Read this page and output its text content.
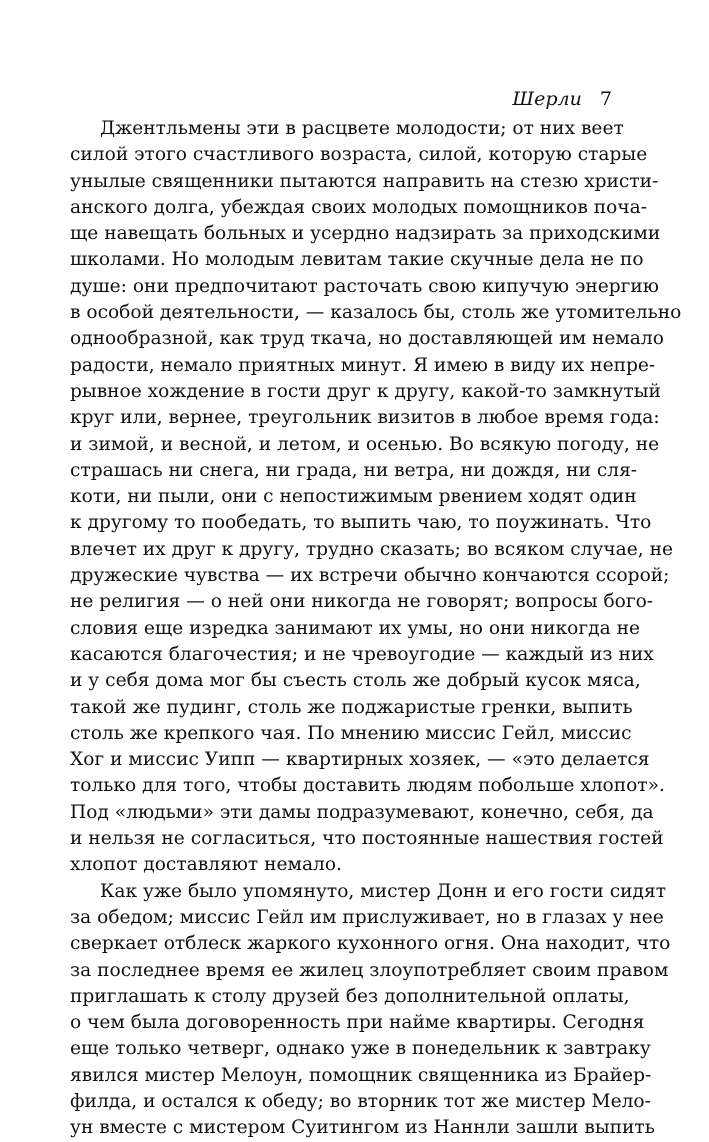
Шерли 7
Джентльмены эти в расцвете молодости; от них веет
силой этого счастливого возраста, силой, которую старые
унылые священники пытаются направить на стезю христи-
анского долга, убеждая своих молодых помощников поча-
ще навещать больных и усердно надзирать за приходскими
школами. Но молодым левитам такие скучные дела не по
душе: они предпочитают расточать свою кипучую энергию
в особой деятельности, — казалось бы, столь же утомительно
однообразной, как труд ткача, но доставляющей им немало
радости, немало приятных минут. Я имею в виду их непре-
рывное хождение в гости друг к другу, какой-то замкнутый
круг или, вернее, треугольник визитов в любое время года:
и зимой, и весной, и летом, и осенью. Во всякую погоду, не
страшась ни снега, ни града, ни ветра, ни дождя, ни сля-
коти, ни пыли, они с непостижимым рвением ходят один
к другому то пообедать, то выпить чаю, то поужинать. Что
влечет их друг к другу, трудно сказать; во всяком случае, не
дружеские чувства — их встречи обычно кончаются ссорой;
не религия — о ней они никогда не говорят; вопросы бого-
словия еще изредка занимают их умы, но они никогда не
касаются благочестия; и не чревоугодие — каждый из них
и у себя дома мог бы съесть столь же добрый кусок мяса,
такой же пудинг, столь же поджаристые гренки, выпить
столь же крепкого чая. По мнению миссис Гейл, миссис
Хог и миссис Уипп — квартирных хозяек, — «это делается
только для того, чтобы доставить людям побольше хлопот».
Под «людьми» эти дамы подразумевают, конечно, себя, да
и нельзя не согласиться, что постоянные нашествия гостей
хлопот доставляют немало.
Как уже было упомянуто, мистер Донн и его гости сидят
за обедом; миссис Гейл им прислуживает, но в глазах у нее
сверкает отблеск жаркого кухонного огня. Она находит, что
за последнее время ее жилец злоупотребляет своим правом
приглашать к столу друзей без дополнительной оплаты,
о чем была договоренность при найме квартиры. Сегодня
еще только четверг, однако уже в понедельник к завтраку
явился мистер Мелоун, помощник священника из Брайер-
филда, и остался к обеду; во вторник тот же мистер Мело-
ун вместе с мистером Суитингом из Наннли зашли выпить
